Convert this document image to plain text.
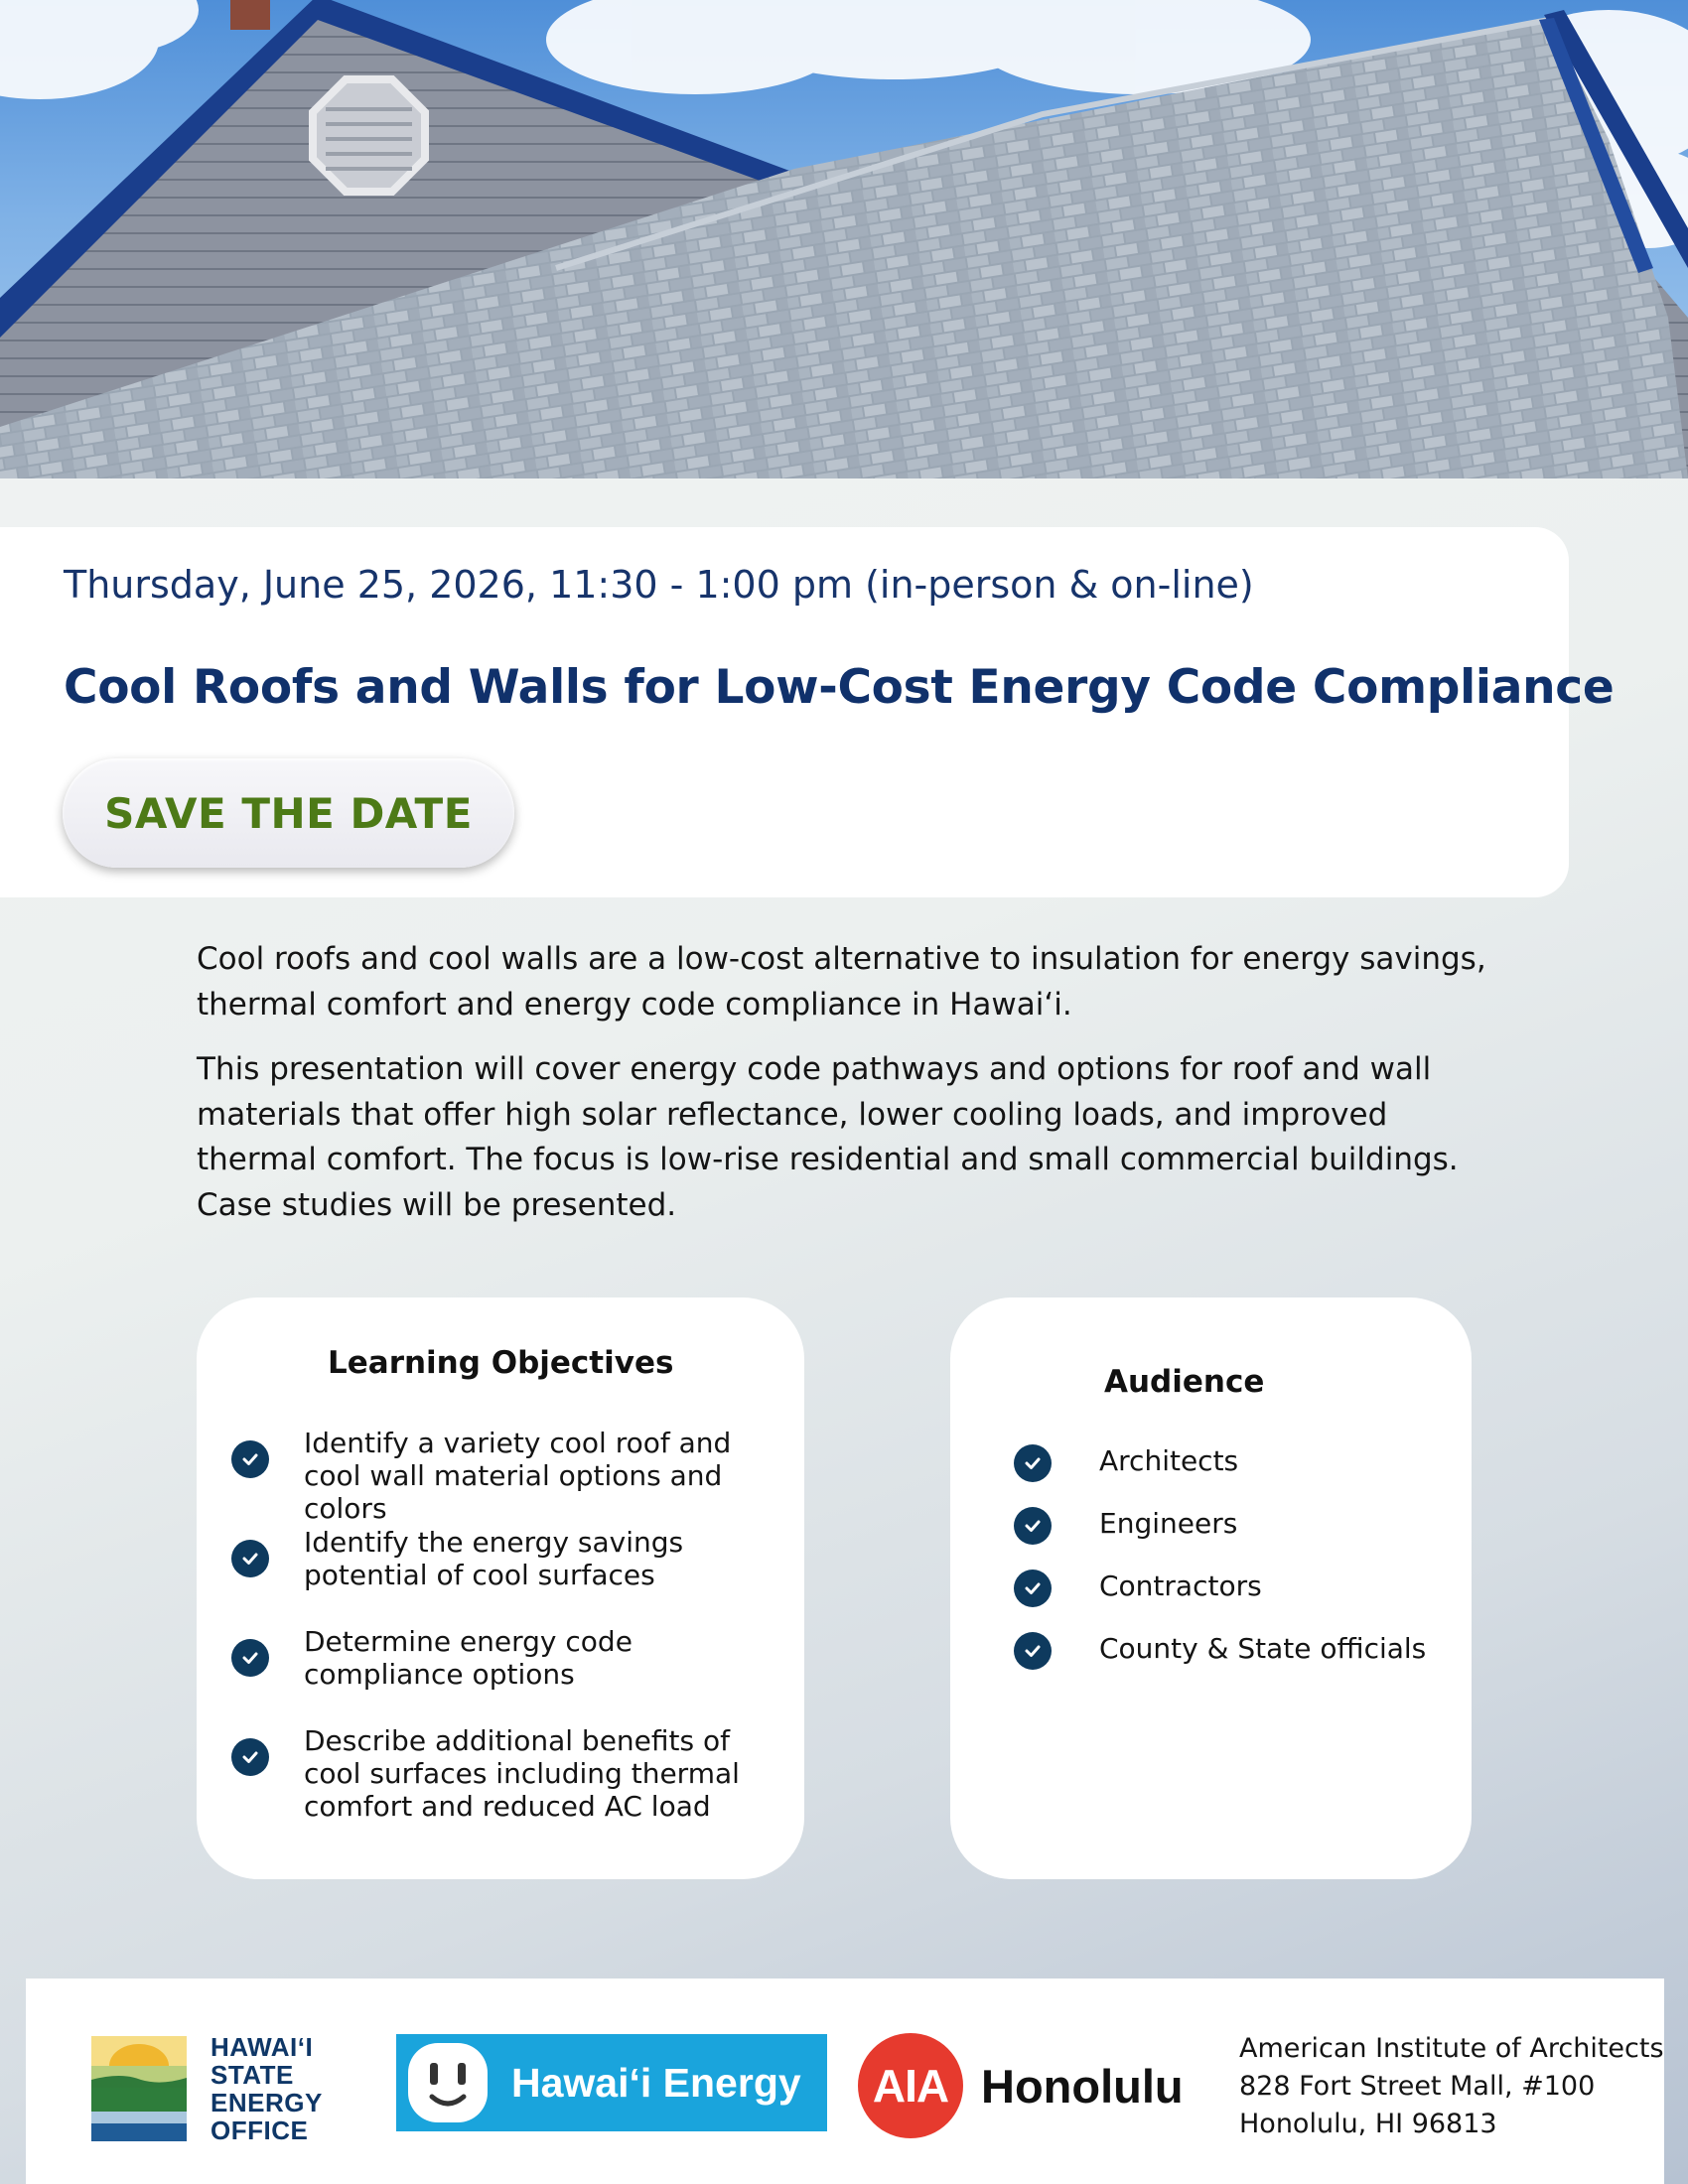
Thursday, June 25, 2026, 11:30 - 1:00 pm (in-person & on-line)
Cool Roofs and Walls for Low-Cost Energy Code Compliance
SAVE THE DATE

Cool roofs and cool walls are a low-cost alternative to insulation for energy savings, thermal comfort and energy code compliance in Hawai‘i.

This presentation will cover energy code pathways and options for roof and wall materials that offer high solar reflectance, lower cooling loads, and improved thermal comfort. The focus is low-rise residential and small commercial buildings. Case studies will be presented.

Learning Objectives
Identify a variety cool roof and cool wall material options and colors
Identify the energy savings potential of cool surfaces
Determine energy code compliance options
Describe additional benefits of cool surfaces including thermal comfort and reduced AC load
Audience
Architects
Engineers
Contractors
County & State officials
HAWAI‘I
STATE
ENERGY
OFFICE
Hawai‘i Energy	AIA Honolulu
American Institute of Architects
828 Fort Street Mall, #100
Honolulu, HI 96813
